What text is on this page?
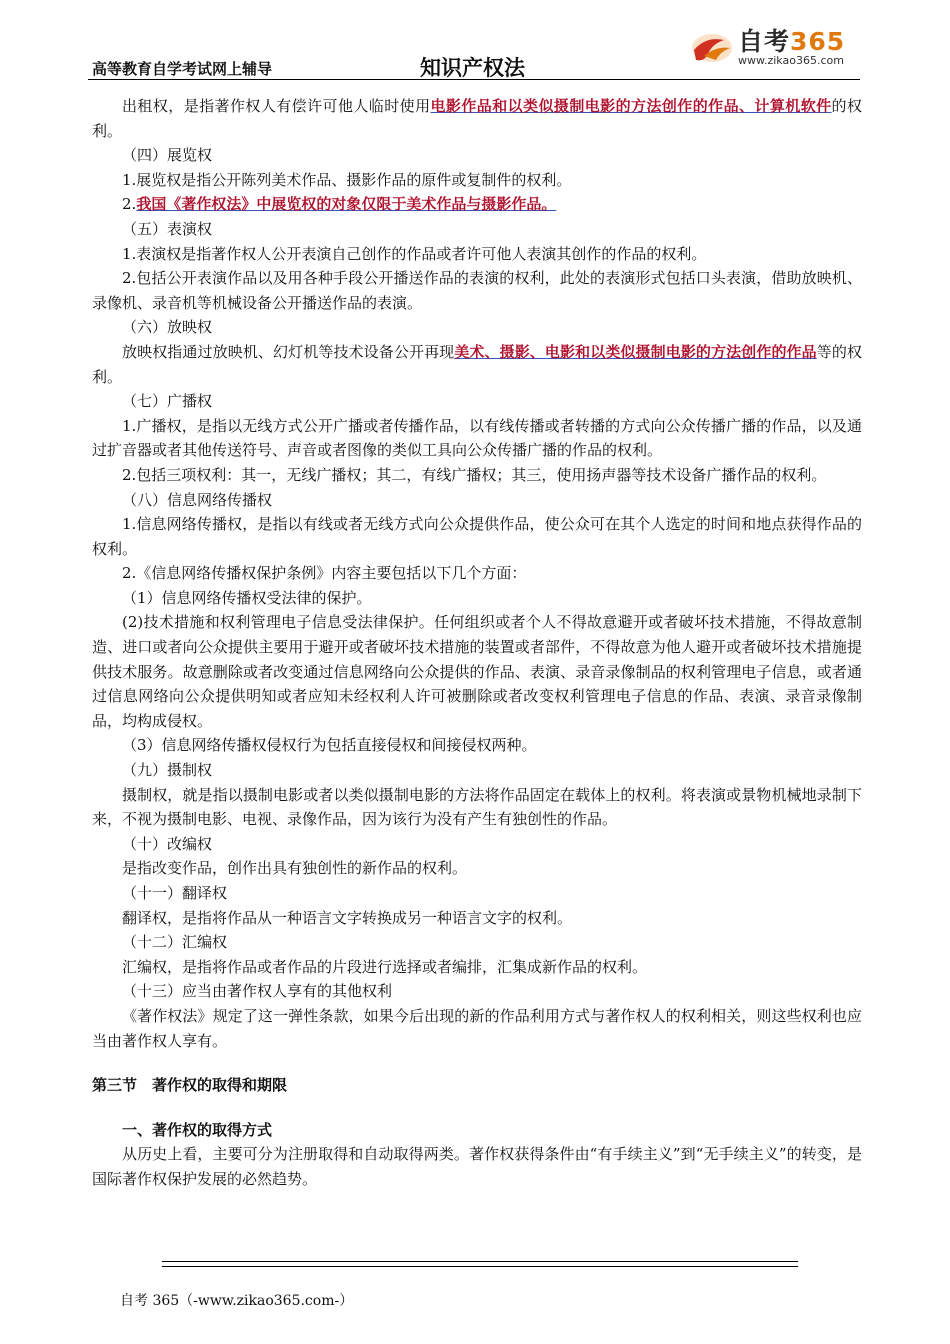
高等教育自学考试网上辅导	知识产权法
自考365
www.zikao365.com

出租权，是指著作权人有偿许可他人临时使用电影作品和以类似摄制电影的方法创作的作品、计算机软件的权利。

（四）展览权

1.展览权是指公开陈列美术作品、摄影作品的原件或复制件的权利。

2.我国《著作权法》中展览权的对象仅限于美术作品与摄影作品。

（五）表演权

1.表演权是指著作权人公开表演自己创作的作品或者许可他人表演其创作的作品的权利。

2.包括公开表演作品以及用各种手段公开播送作品的表演的权利，此处的表演形式包括口头表演，借助放映机、录像机、录音机等机械设备公开播送作品的表演。

（六）放映权

放映权指通过放映机、幻灯机等技术设备公开再现美术、摄影、电影和以类似摄制电影的方法创作的作品等的权利。

（七）广播权

1.广播权，是指以无线方式公开广播或者传播作品，以有线传播或者转播的方式向公众传播广播的作品，以及通过扩音器或者其他传送符号、声音或者图像的类似工具向公众传播广播的作品的权利。

2.包括三项权利：其一，无线广播权；其二，有线广播权；其三，使用扬声器等技术设备广播作品的权利。

（八）信息网络传播权

1.信息网络传播权，是指以有线或者无线方式向公众提供作品，使公众可在其个人选定的时间和地点获得作品的权利。

2.《信息网络传播权保护条例》内容主要包括以下几个方面：

（1）信息网络传播权受法律的保护。

(2)技术措施和权利管理电子信息受法律保护。任何组织或者个人不得故意避开或者破坏技术措施，不得故意制造、进口或者向公众提供主要用于避开或者破坏技术措施的装置或者部件，不得故意为他人避开或者破坏技术措施提供技术服务。故意删除或者改变通过信息网络向公众提供的作品、表演、录音录像制品的权利管理电子信息，或者通过信息网络向公众提供明知或者应知未经权利人许可被删除或者改变权利管理电子信息的作品、表演、录音录像制品，均构成侵权。

（3）信息网络传播权侵权行为包括直接侵权和间接侵权两种。

（九）摄制权

摄制权，就是指以摄制电影或者以类似摄制电影的方法将作品固定在载体上的权利。将表演或景物机械地录制下来，不视为摄制电影、电视、录像作品，因为该行为没有产生有独创性的作品。

（十）改编权

是指改变作品，创作出具有独创性的新作品的权利。

（十一）翻译权

翻译权，是指将作品从一种语言文字转换成另一种语言文字的权利。

（十二）汇编权

汇编权，是指将作品或者作品的片段进行选择或者编排，汇集成新作品的权利。

（十三）应当由著作权人享有的其他权利

《著作权法》规定了这一弹性条款，如果今后出现的新的作品利用方式与著作权人的权利相关，则这些权利也应当由著作权人享有。

第三节　著作权的取得和期限

一、著作权的取得方式

从历史上看，主要可分为注册取得和自动取得两类。著作权获得条件由“有手续主义”到“无手续主义”的转变，是国际著作权保护发展的必然趋势。

自考 365（-www.zikao365.com-）
